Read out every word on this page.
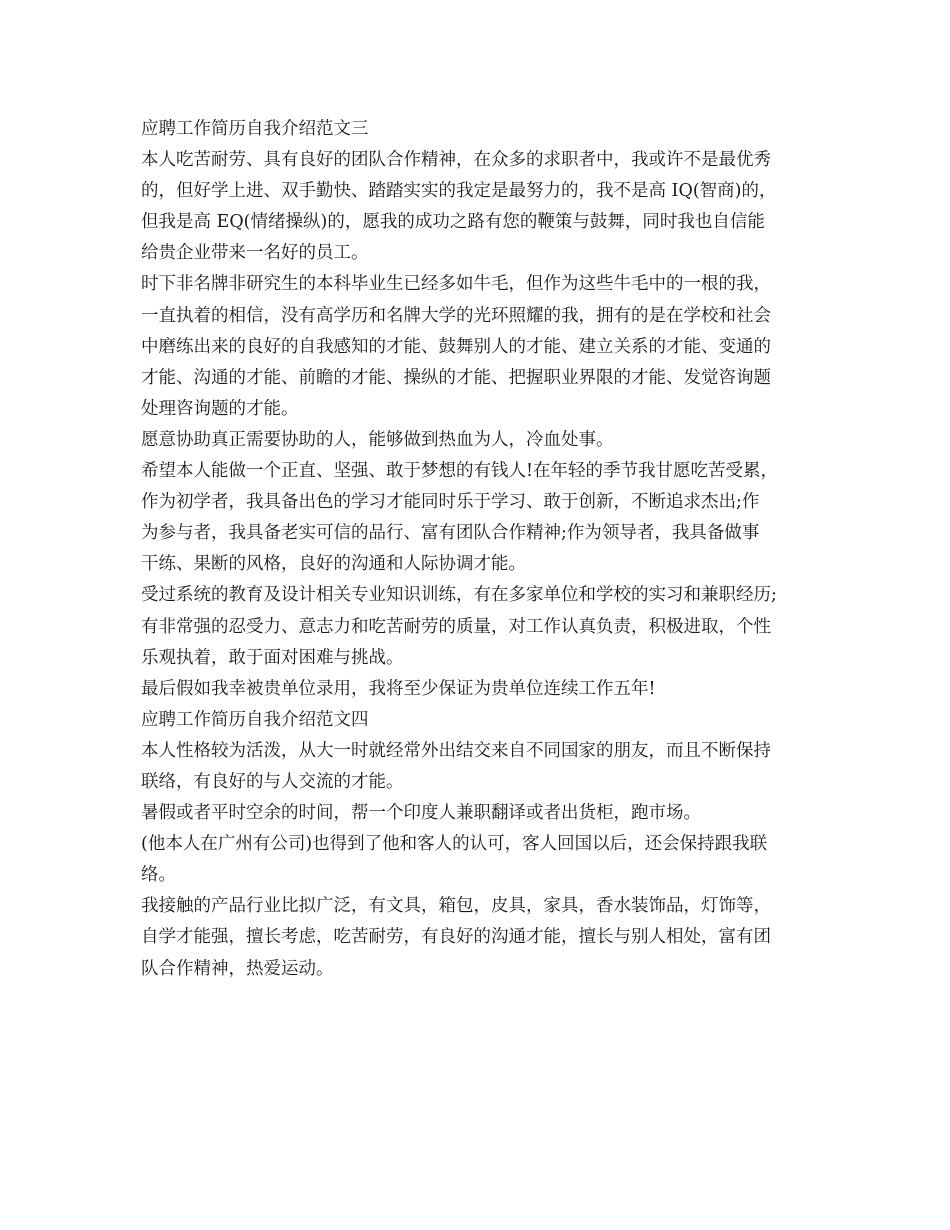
应聘工作简历自我介绍范文三
本人吃苦耐劳、具有良好的团队合作精神，在众多的求职者中，我或许不是最优秀
的，但好学上进、双手勤快、踏踏实实的我定是最努力的，我不是高 IQ(智商)的，
但我是高 EQ(情绪操纵)的，愿我的成功之路有您的鞭策与鼓舞，同时我也自信能
给贵企业带来一名好的员工。
时下非名牌非研究生的本科毕业生已经多如牛毛，但作为这些牛毛中的一根的我，
一直执着的相信，没有高学历和名牌大学的光环照耀的我，拥有的是在学校和社会
中磨练出来的良好的自我感知的才能、鼓舞别人的才能、建立关系的才能、变通的
才能、沟通的才能、前瞻的才能、操纵的才能、把握职业界限的才能、发觉咨询题
处理咨询题的才能。
愿意协助真正需要协助的人，能够做到热血为人，冷血处事。
希望本人能做一个正直、坚强、敢于梦想的有钱人!在年轻的季节我甘愿吃苦受累，
作为初学者，我具备出色的学习才能同时乐于学习、敢于创新，不断追求杰出;作
为参与者，我具备老实可信的品行、富有团队合作精神;作为领导者，我具备做事
干练、果断的风格，良好的沟通和人际协调才能。
受过系统的教育及设计相关专业知识训练，有在多家单位和学校的实习和兼职经历;
有非常强的忍受力、意志力和吃苦耐劳的质量，对工作认真负责，积极进取，个性
乐观执着，敢于面对困难与挑战。
最后假如我幸被贵单位录用，我将至少保证为贵单位连续工作五年!
应聘工作简历自我介绍范文四
本人性格较为活泼，从大一时就经常外出结交来自不同国家的朋友，而且不断保持
联络，有良好的与人交流的才能。
暑假或者平时空余的时间，帮一个印度人兼职翻译或者出货柜，跑市场。
(他本人在广州有公司)也得到了他和客人的认可，客人回国以后，还会保持跟我联
络。
我接触的产品行业比拟广泛，有文具，箱包，皮具，家具，香水装饰品，灯饰等，
自学才能强，擅长考虑，吃苦耐劳，有良好的沟通才能，擅长与别人相处，富有团
队合作精神，热爱运动。
